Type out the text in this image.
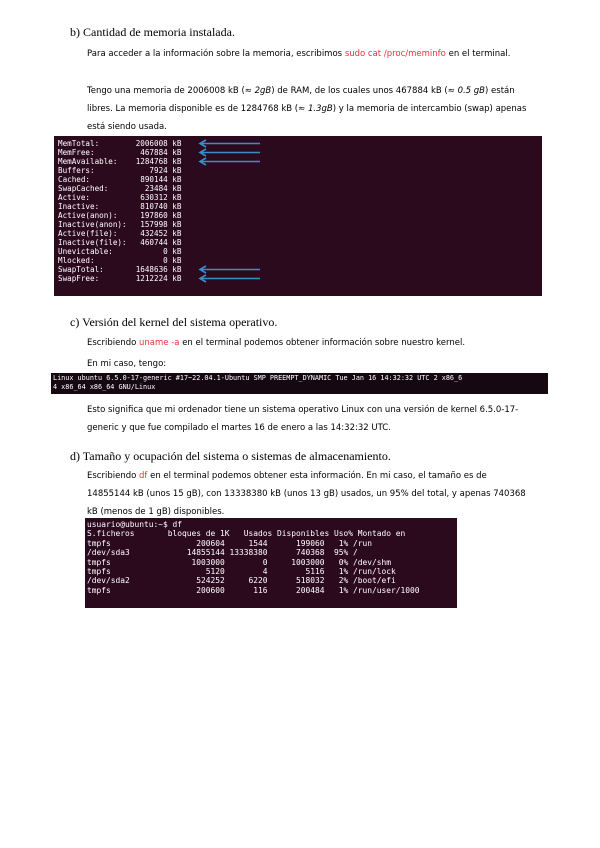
b) Cantidad de memoria instalada.
Para acceder a la información sobre la memoria, escribimos sudo cat /proc/meminfo en el terminal.
Tengo una memoria de 2006008 kB (≈ 2gB) de RAM, de los cuales unos 467884 kB (≈ 0.5 gB) están libres. La memoria disponible es de 1284768 kB (≈ 1.3gB) y la memoria de intercambio (swap) apenas está siendo usada.
MemTotal:        2006008 kB
MemFree:          467884 kB
MemAvailable:    1284768 kB
Buffers:            7924 kB
Cached:           890144 kB
SwapCached:        23484 kB
Active:           630312 kB
Inactive:         810740 kB
Active(anon):     197860 kB
Inactive(anon):   157998 kB
Active(file):     432452 kB
Inactive(file):   460744 kB
Unevictable:           0 kB
Mlocked:               0 kB
SwapTotal:       1648636 kB
SwapFree:        1212224 kB
c) Versión del kernel del sistema operativo.
Escribiendo uname -a en el terminal podemos obtener información sobre nuestro kernel.
En mi caso, tengo:
Linux ubuntu 6.5.0-17-generic #17~22.04.1-Ubuntu SMP PREEMPT_DYNAMIC Tue Jan 16 14:32:32 UTC 2 x86_6
4 x86_64 x86_64 GNU/Linux
Esto significa que mi ordenador tiene un sistema operativo Linux con una versión de kernel 6.5.0-17-generic y que fue compilado el martes 16 de enero a las 14:32:32 UTC.
d) Tamaño y ocupación del sistema o sistemas de almacenamiento.
Escribiendo df en el terminal podemos obtener esta información. En mi caso, el tamaño es de 14855144 kB (unos 15 gB), con 13338380 kB (unos 13 gB) usados, un 95% del total, y apenas 740368 kB (menos de 1 gB) disponibles.
usuario@ubuntu:~$ df
S.ficheros       bloques de 1K   Usados Disponibles Uso% Montado en
tmpfs                  200604     1544      199060   1% /run
/dev/sda3            14855144 13338380      740368  95% /
tmpfs                 1003000        0     1003000   0% /dev/shm
tmpfs                    5120        4        5116   1% /run/lock
/dev/sda2              524252     6220      518032   2% /boot/efi
tmpfs                  200600      116      200484   1% /run/user/1000
